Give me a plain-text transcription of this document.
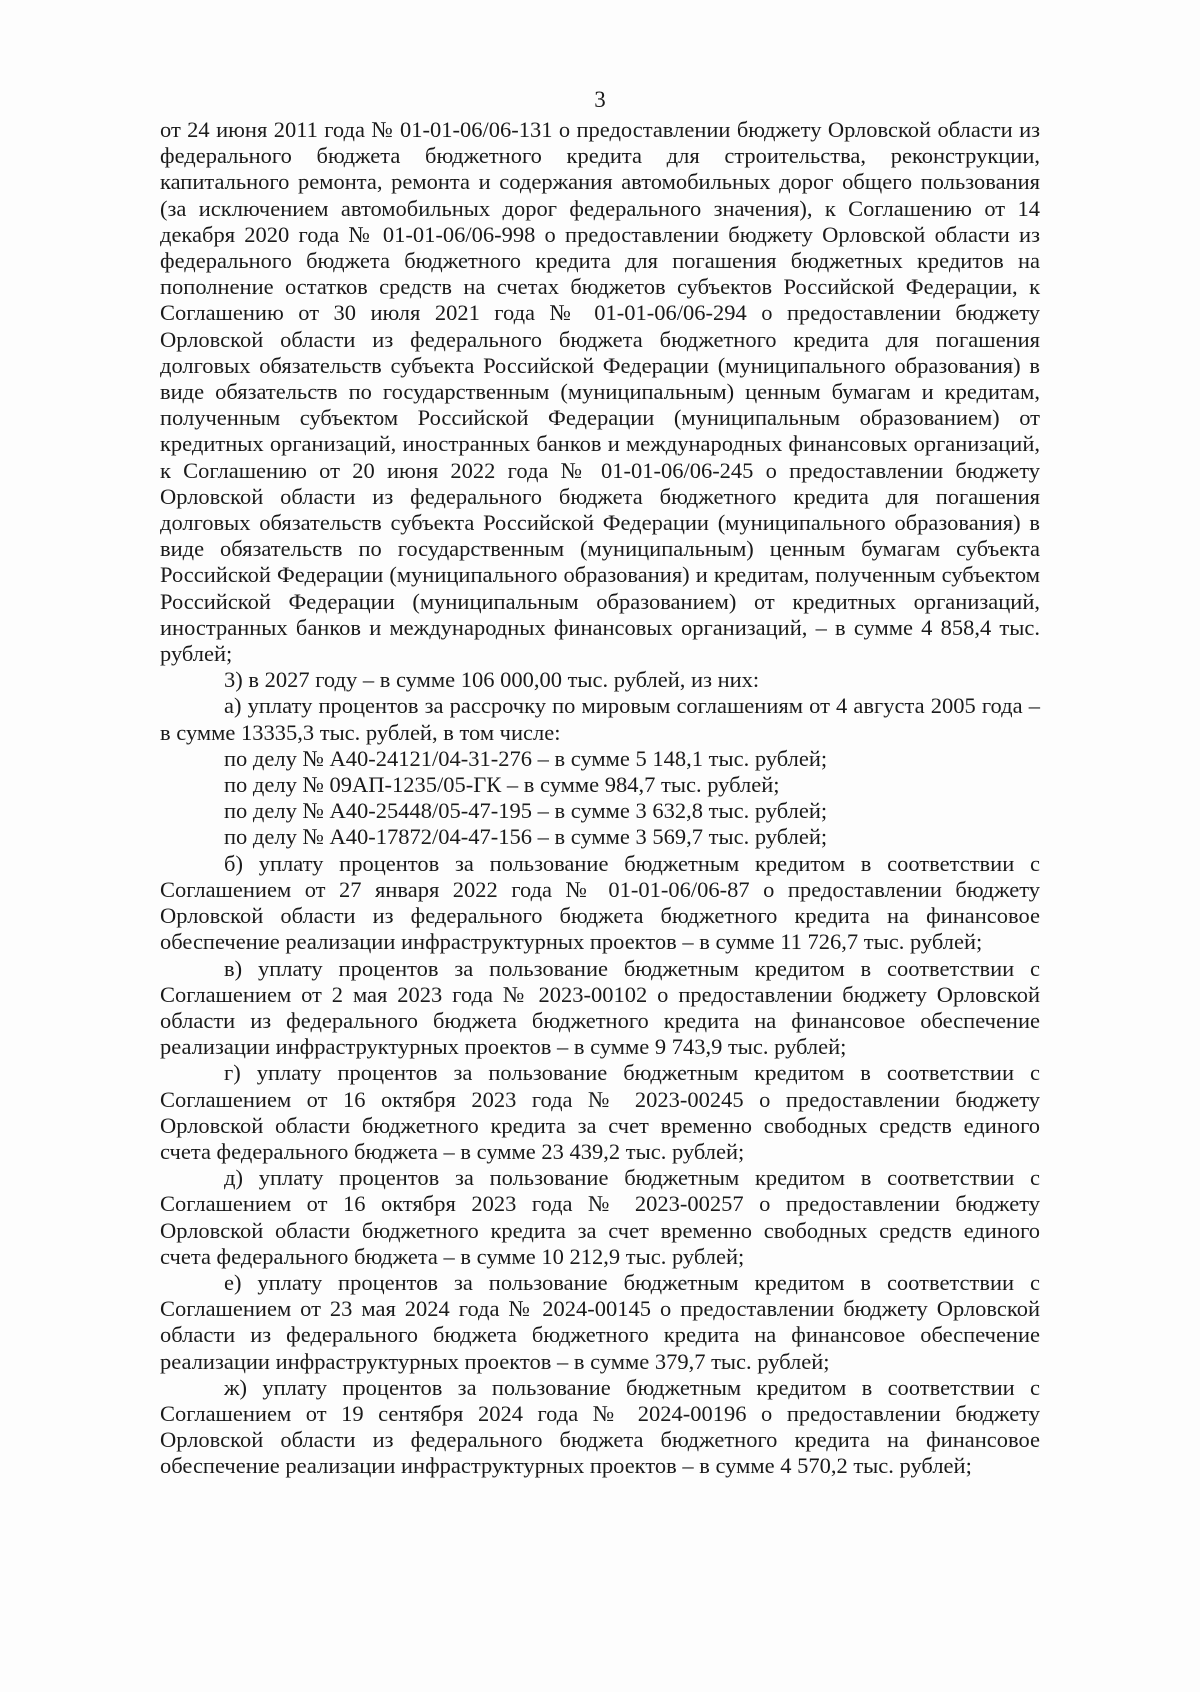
3

от 24 июня 2011 года № 01-01-06/06-131 о предоставлении бюджету Орловской области из федерального бюджета бюджетного кредита для строительства, реконструкции, капитального ремонта, ремонта и содержания автомобильных дорог общего пользования (за исключением автомобильных дорог федерального значения), к Соглашению от 14 декабря 2020 года № 01-01-06/06-998 о предоставлении бюджету Орловской области из федерального бюджета бюджетного кредита для погашения бюджетных кредитов на пополнение остатков средств на счетах бюджетов субъектов Российской Федерации, к Соглашению от 30 июля 2021 года № 01-01-06/06-294 о предоставлении бюджету Орловской области из федерального бюджета бюджетного кредита для погашения долговых обязательств субъекта Российской Федерации (муниципального образования) в виде обязательств по государственным (муниципальным) ценным бумагам и кредитам, полученным субъектом Российской Федерации (муниципальным образованием) от кредитных организаций, иностранных банков и международных финансовых организаций, к Соглашению от 20 июня 2022 года № 01-01-06/06-245 о предоставлении бюджету Орловской области из федерального бюджета бюджетного кредита для погашения долговых обязательств субъекта Российской Федерации (муниципального образования) в виде обязательств по государственным (муниципальным) ценным бумагам субъекта Российской Федерации (муниципального образования) и кредитам, полученным субъектом Российской Федерации (муниципальным образованием) от кредитных организаций, иностранных банков и международных финансовых организаций, – в сумме 4 858,4 тыс. рублей;

3) в 2027 году – в сумме 106 000,00 тыс. рублей, из них:

а) уплату процентов за рассрочку по мировым соглашениям от 4 августа 2005 года – в сумме 13335,3 тыс. рублей, в том числе:

по делу № А40-24121/04-31-276 – в сумме 5 148,1 тыс. рублей;

по делу № 09АП-1235/05-ГК – в сумме 984,7 тыс. рублей;

по делу № А40-25448/05-47-195 – в сумме 3 632,8 тыс. рублей;

по делу № А40-17872/04-47-156 – в сумме 3 569,7 тыс. рублей;

б) уплату процентов за пользование бюджетным кредитом в соответствии с Соглашением от 27 января 2022 года № 01-01-06/06-87 о предоставлении бюджету Орловской области из федерального бюджета бюджетного кредита на финансовое обеспечение реализации инфраструктурных проектов – в сумме 11 726,7 тыс. рублей;

в) уплату процентов за пользование бюджетным кредитом в соответствии с Соглашением от 2 мая 2023 года № 2023-00102 о предоставлении бюджету Орловской области из федерального бюджета бюджетного кредита на финансовое обеспечение реализации инфраструктурных проектов – в сумме 9 743,9 тыс. рублей;

г) уплату процентов за пользование бюджетным кредитом в соответствии с Соглашением от 16 октября 2023 года № 2023-00245 о предоставлении бюджету Орловской области бюджетного кредита за счет временно свободных средств единого счета федерального бюджета – в сумме 23 439,2 тыс. рублей;

д) уплату процентов за пользование бюджетным кредитом в соответствии с Соглашением от 16 октября 2023 года № 2023-00257 о предоставлении бюджету Орловской области бюджетного кредита за счет временно свободных средств единого счета федерального бюджета – в сумме 10 212,9 тыс. рублей;

е) уплату процентов за пользование бюджетным кредитом в соответствии с Соглашением от 23 мая 2024 года № 2024-00145 о предоставлении бюджету Орловской области из федерального бюджета бюджетного кредита на финансовое обеспечение реализации инфраструктурных проектов – в сумме 379,7 тыс. рублей;

ж) уплату процентов за пользование бюджетным кредитом в соответствии с Соглашением от 19 сентября 2024 года № 2024-00196 о предоставлении бюджету Орловской области из федерального бюджета бюджетного кредита на финансовое обеспечение реализации инфраструктурных проектов – в сумме 4 570,2 тыс. рублей;
